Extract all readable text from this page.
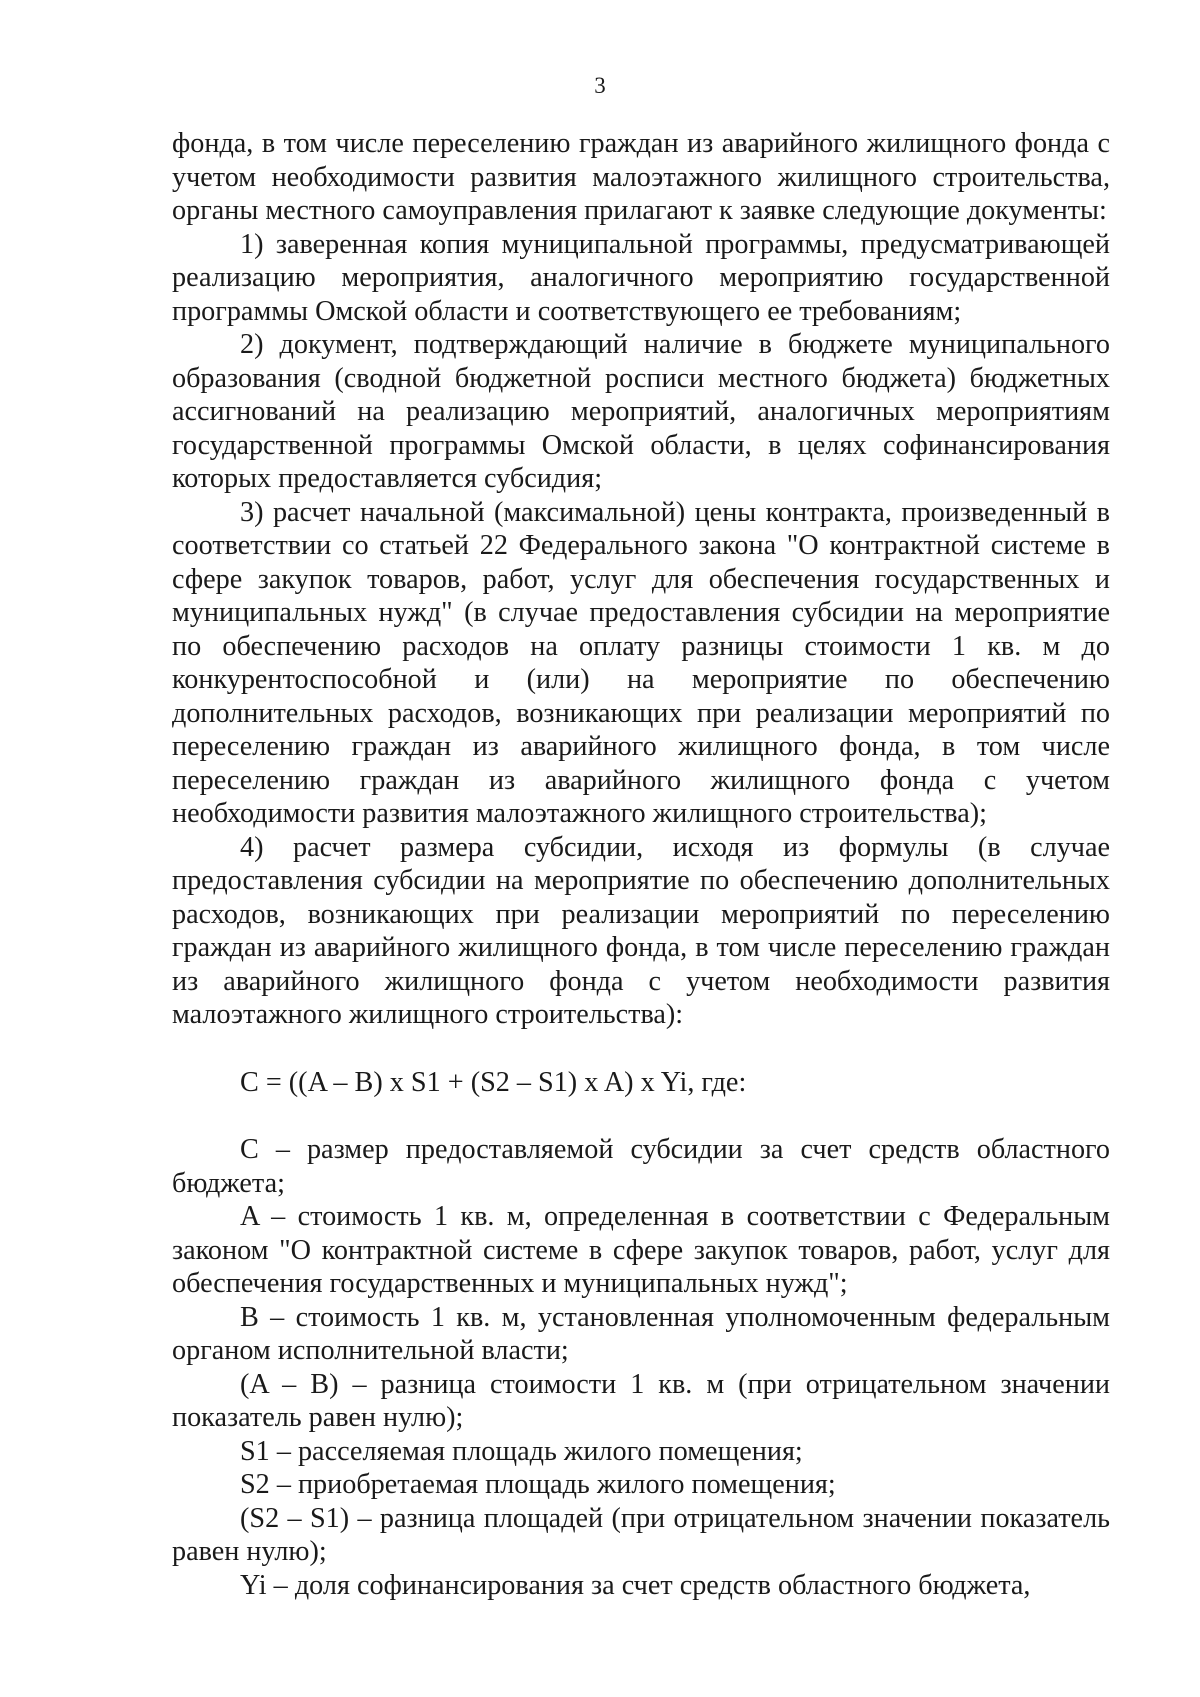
3

фонда, в том числе переселению граждан из аварийного жилищного фонда с учетом необходимости развития малоэтажного жилищного строительства, органы местного самоуправления прилагают к заявке следующие документы:

1) заверенная копия муниципальной программы, предусматривающей реализацию мероприятия, аналогичного мероприятию государственной программы Омской области и соответствующего ее требованиям;

2) документ, подтверждающий наличие в бюджете муниципального образования (сводной бюджетной росписи местного бюджета) бюджетных ассигнований на реализацию мероприятий, аналогичных мероприятиям государственной программы Омской области, в целях софинансирования которых предоставляется субсидия;

3) расчет начальной (максимальной) цены контракта, произведенный в соответствии со статьей 22 Федерального закона "О контрактной системе в сфере закупок товаров, работ, услуг для обеспечения государственных и муниципальных нужд" (в случае предоставления субсидии на мероприятие по обеспечению расходов на оплату разницы стоимости 1 кв. м до конкурентоспособной и (или) на мероприятие по обеспечению дополнительных расходов, возникающих при реализации мероприятий по переселению граждан из аварийного жилищного фонда, в том числе переселению граждан из аварийного жилищного фонда с учетом необходимости развития малоэтажного жилищного строительства);

4) расчет размера субсидии, исходя из формулы (в случае предоставления субсидии на мероприятие по обеспечению дополнительных расходов, возникающих при реализации мероприятий по переселению граждан из аварийного жилищного фонда, в том числе переселению граждан из аварийного жилищного фонда с учетом необходимости развития малоэтажного жилищного строительства):

C = ((A – B) x S1 + (S2 – S1) x A) x Yi, где:

C – размер предоставляемой субсидии за счет средств областного бюджета;

A – стоимость 1 кв. м, определенная в соответствии с Федеральным законом "О контрактной системе в сфере закупок товаров, работ, услуг для обеспечения государственных и муниципальных нужд";

B – стоимость 1 кв. м, установленная уполномоченным федеральным органом исполнительной власти;

(A – B) – разница стоимости 1 кв. м (при отрицательном значении показатель равен нулю);

S1 – расселяемая площадь жилого помещения;

S2 – приобретаемая площадь жилого помещения;

(S2 – S1) – разница площадей (при отрицательном значении показатель равен нулю);

Yi – доля софинансирования за счет средств областного бюджета,
